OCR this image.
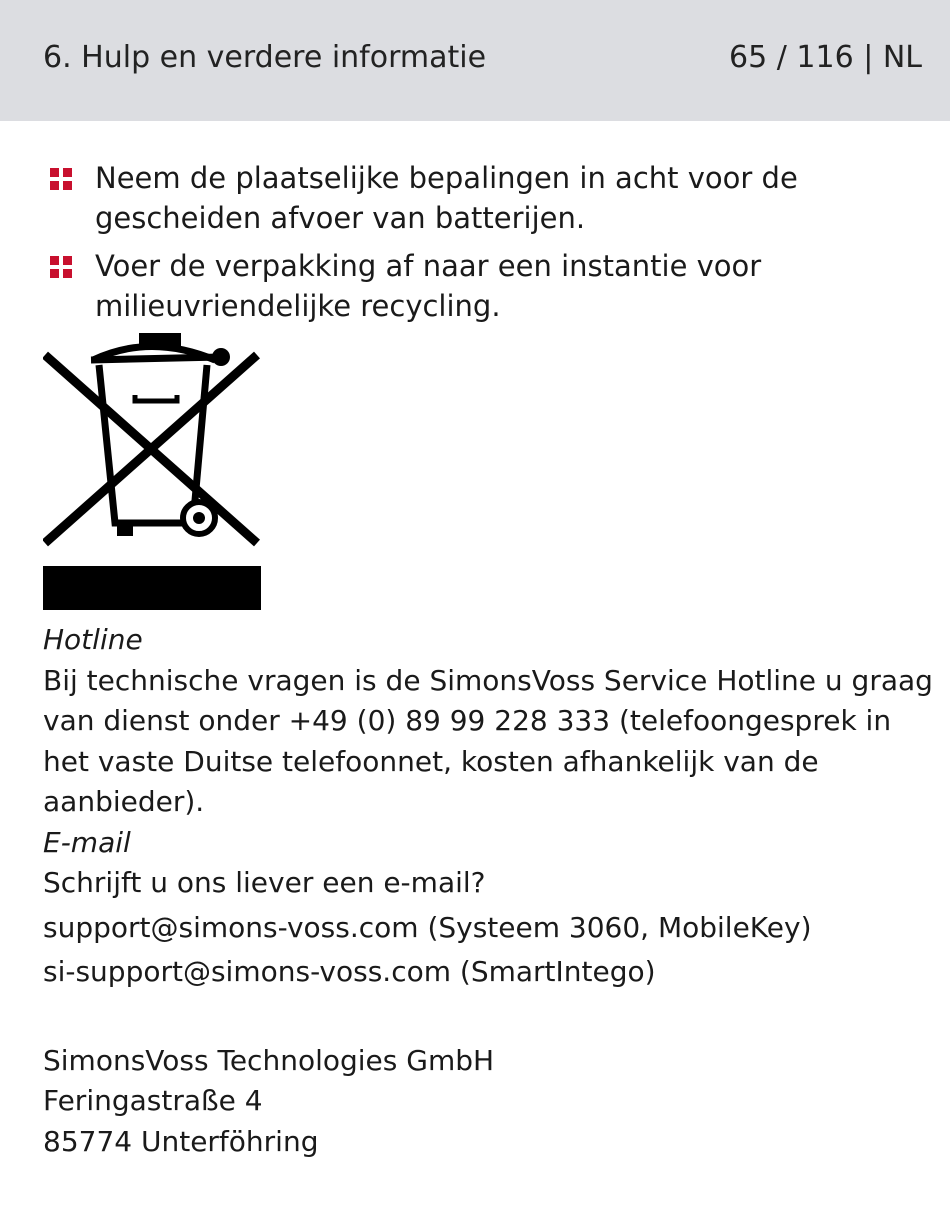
6. Hulp en verdere informatie	65 / 116 | NL
Neem de plaatselijke bepalingen in acht voor de gescheiden afvoer van batterijen.
Voer de verpakking af naar een instantie voor milieuvriendelijke recycling.

Hotline

Bij technische vragen is de SimonsVoss Service Hotline u graag van dienst onder +49 (0) 89 99 228 333 (telefoongesprek in het vaste Duitse telefoonnet, kosten afhankelijk van de aanbieder).

E-mail

Schrijft u ons liever een e-mail?

support@simons-voss.com (Systeem 3060, MobileKey)

si-support@simons-voss.com (SmartIntego)

SimonsVoss Technologies GmbH

Feringastraße 4

85774 Unterföhring
